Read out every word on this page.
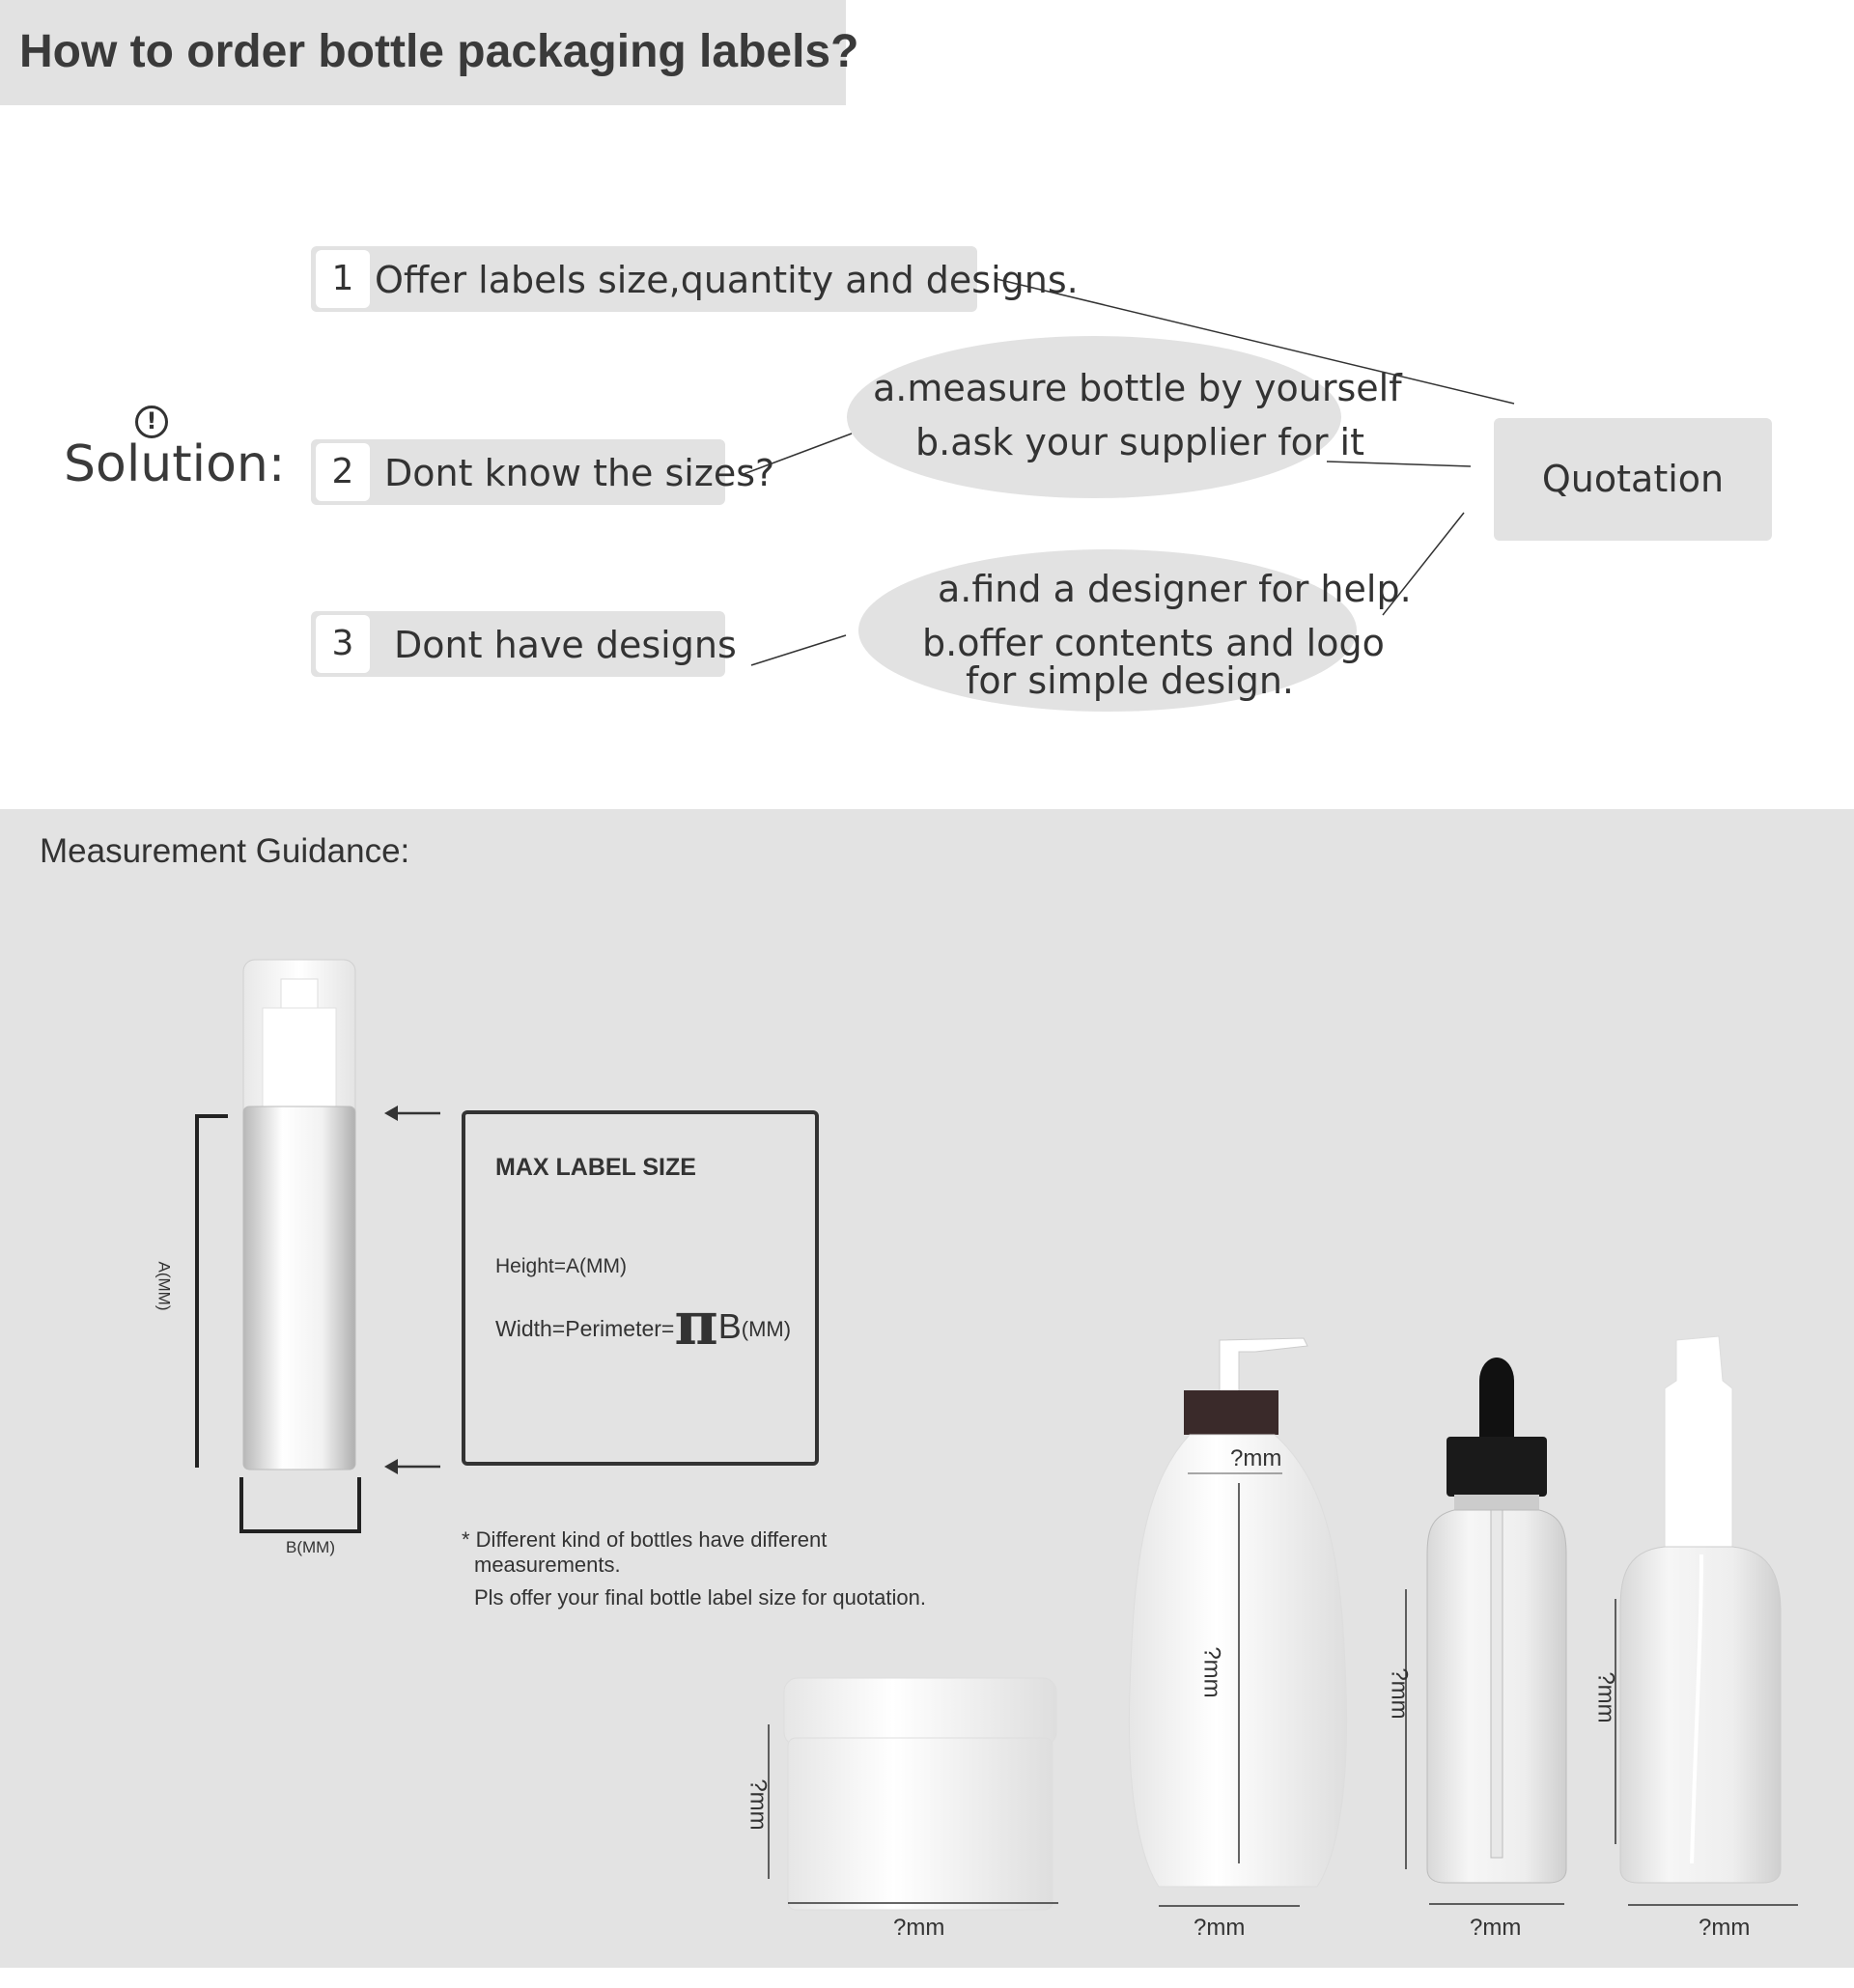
How to order bottle packaging labels?
!
Solution:
1 Offer labels size,quantity and designs.
2 Dont know the sizes?
3	Dont have designs
a.measure bottle by yourself
b.ask your supplier for it
a.find a designer for help.
b.offer contents and logo
for simple design.
Quotation
Measurement Guidance:
A(MM)
B(MM)
MAX LABEL SIZE
Height=A(MM)
Width=Perimeter=πB(MM)
* Different kind of bottles have different
measurements.
Pls offer your final bottle label size for quotation.
?mm
?mm
?mm
?mm
?mm
?mm
?mm
?mm
?mm
